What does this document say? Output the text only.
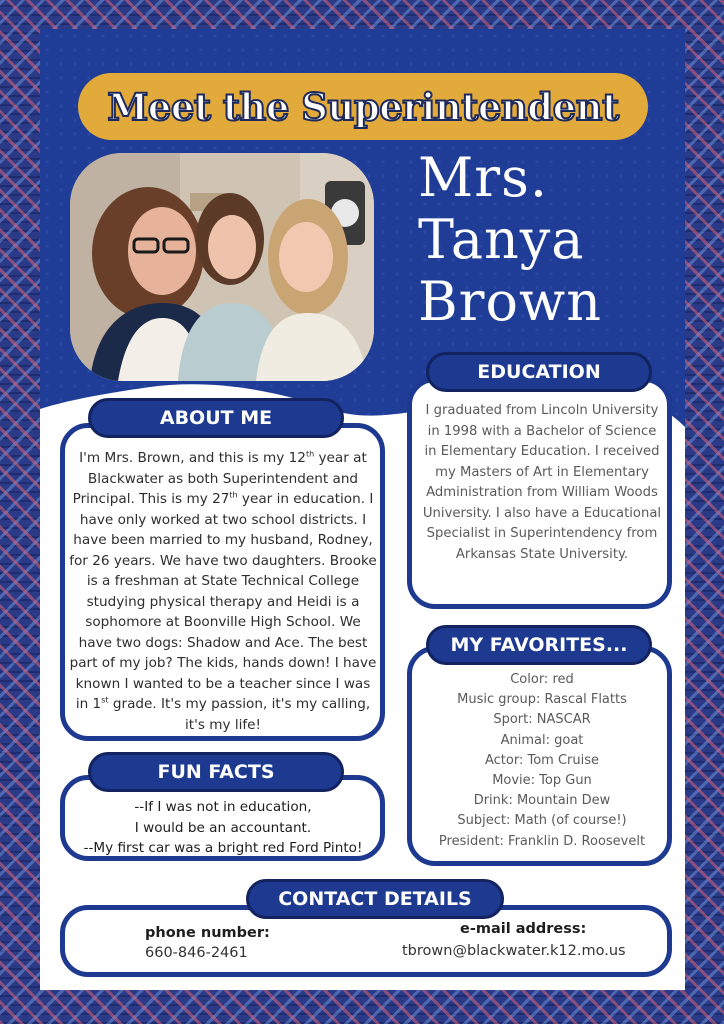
Meet the Superintendent
Mrs.
Tanya
Brown
ABOUT ME
I'm Mrs. Brown, and this is my 12th year at Blackwater as both Superintendent and Principal. This is my 27th year in education. I have only worked at two school districts. I have been married to my husband, Rodney, for 26 years. We have two daughters. Brooke is a freshman at State Technical College studying physical therapy and Heidi is a sophomore at Boonville High School. We have two dogs: Shadow and Ace. The best part of my job? The kids, hands down! I have known I wanted to be a teacher since I was in 1st grade. It's my passion, it's my calling, it's my life!
EDUCATION
I graduated from Lincoln University in 1998 with a Bachelor of Science in Elementary Education. I received my Masters of Art in Elementary Administration from William Woods University. I also have a Educational Specialist in Superintendency from Arkansas State University.
MY FAVORITES...
Color: red
Music group: Rascal Flatts
Sport: NASCAR
Animal: goat
Actor: Tom Cruise
Movie: Top Gun
Drink: Mountain Dew
Subject: Math (of course!)
President: Franklin D. Roosevelt
FUN FACTS
--If I was not in education,
I would be an accountant.
--My first car was a bright red Ford Pinto!
CONTACT DETAILS
phone number:
660-846-2461
e-mail address:
tbrown@blackwater.k12.mo.us
